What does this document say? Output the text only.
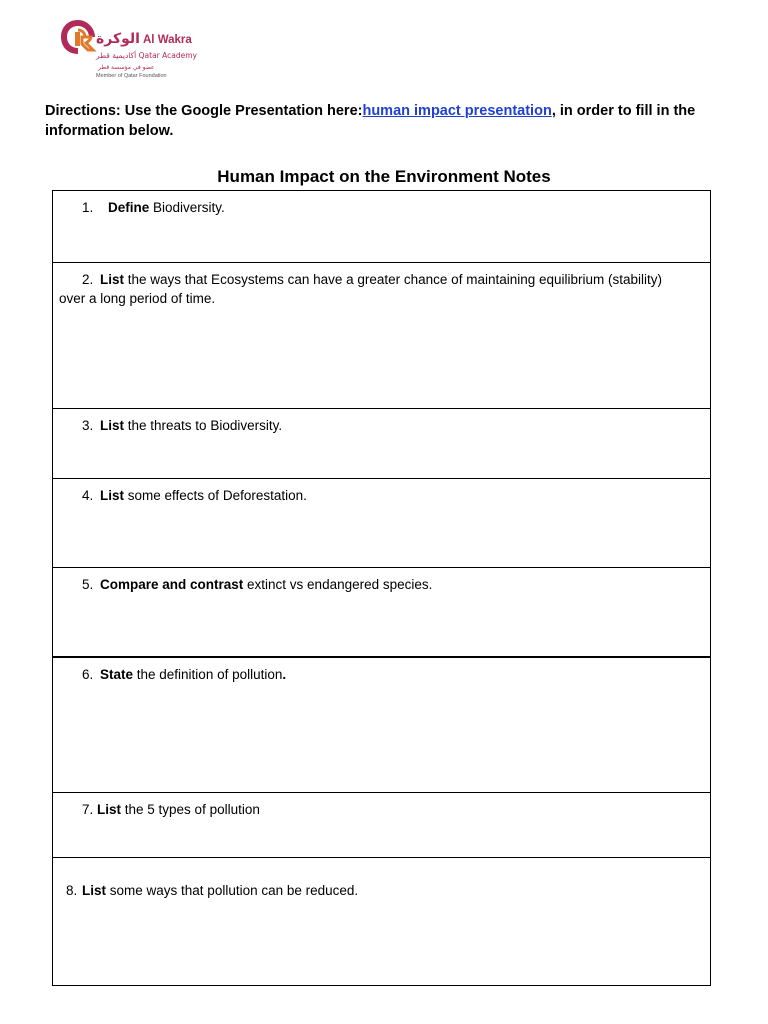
الوكرة Al Wakra
أكاديمية قطر Qatar Academy
عضو في مؤسسة قطر
Member of Qatar Foundation
Directions: Use the Google Presentation here:human impact presentation, in order to fill in the information below.
Human Impact on the Environment Notes
1. Define Biodiversity.
2. List the ways that Ecosystems can have a greater chance of maintaining equilibrium (stability) over a long period of time.
3. List the threats to Biodiversity.
4. List some effects of Deforestation.
5. Compare and contrast extinct vs endangered species.
6. State the definition of pollution.
7. List the 5 types of pollution
8. List some ways that pollution can be reduced.
